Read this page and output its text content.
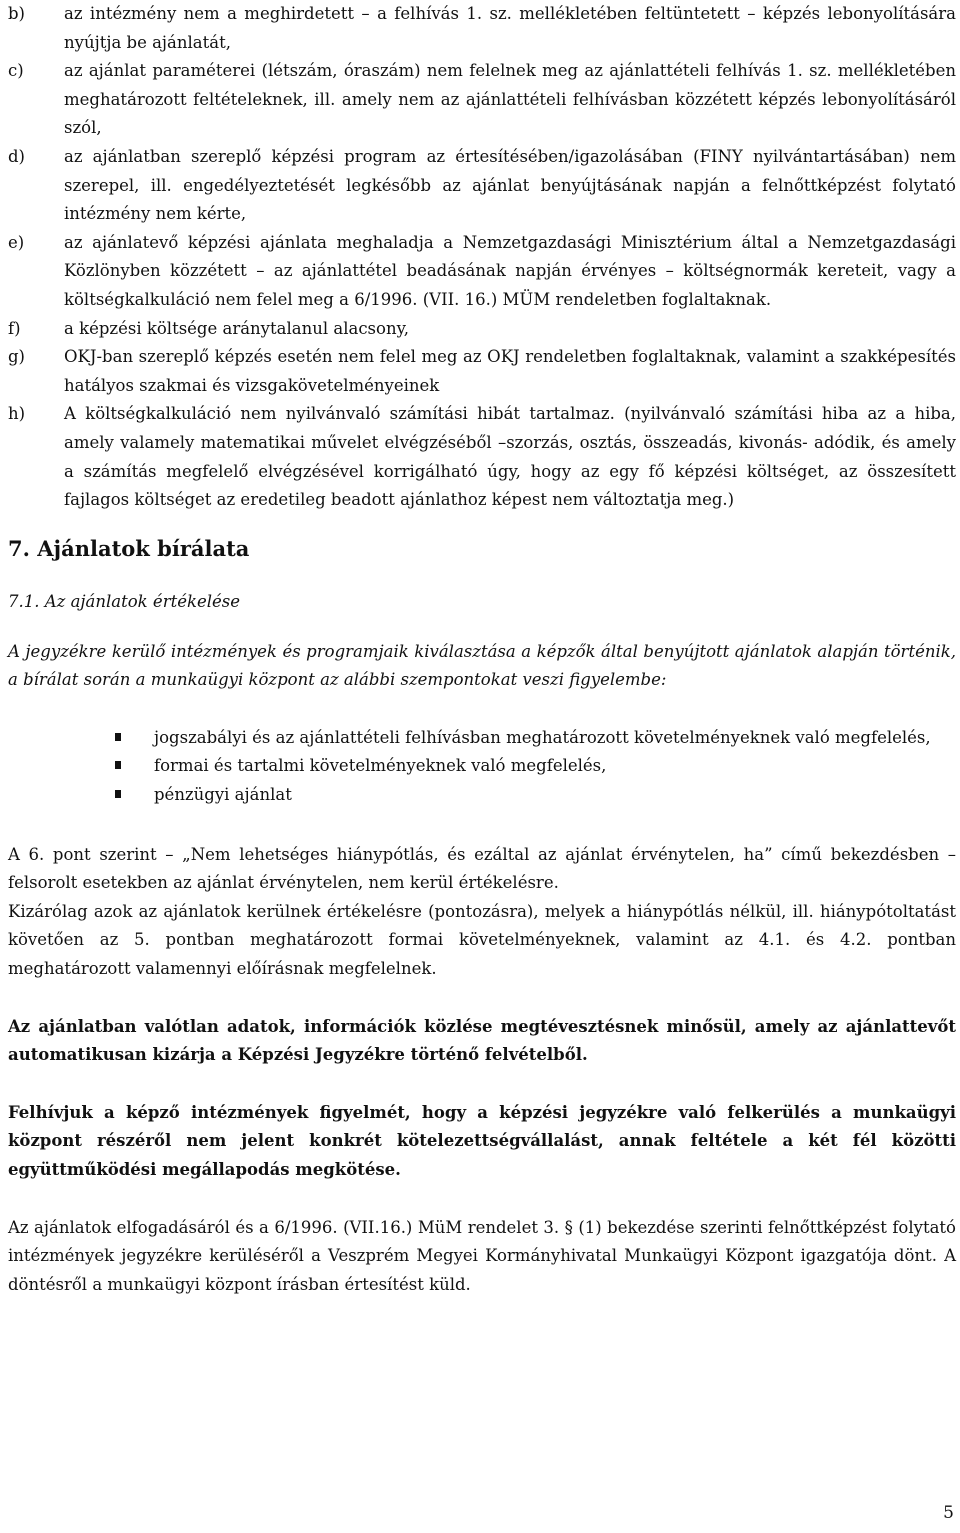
b)	az intézmény nem a meghirdetett – a felhívás 1. sz. mellékletében feltüntetett – képzés lebonyolítására nyújtja be ajánlatát,
c)	az ajánlat paraméterei (létszám, óraszám) nem felelnek meg az ajánlattételi felhívás 1. sz. mellékletében meghatározott feltételeknek, ill. amely nem az ajánlattételi felhívásban közzétett képzés lebonyolításáról szól,
d)	az ajánlatban szereplő képzési program az értesítésében/igazolásában (FINY nyilvántartásában) nem szerepel, ill. engedélyeztetését legkésőbb az ajánlat benyújtásának napján a felnőttképzést folytató intézmény nem kérte,
e)	az ajánlatevő képzési ajánlata meghaladja a Nemzetgazdasági Minisztérium által a Nemzetgazdasági Közlönyben közzétett – az ajánlattétel beadásának napján érvényes – költségnormák kereteit, vagy a költségkalkuláció nem felel meg a 6/1996. (VII. 16.) MÜM rendeletben foglaltaknak.
f)	a képzési költsége aránytalanul alacsony,
g)	OKJ-ban szereplő képzés esetén nem felel meg az OKJ rendeletben foglaltaknak, valamint a szakképesítés hatályos szakmai és vizsgakövetelményeinek
h)	A költségkalkuláció nem nyilvánvaló számítási hibát tartalmaz. (nyilvánvaló számítási hiba az a hiba, amely valamely matematikai művelet elvégzéséből –szorzás, osztás, összeadás, kivonás- adódik, és amely a számítás megfelelő elvégzésével korrigálható úgy, hogy az egy fő képzési költséget, az összesített fajlagos költséget az eredetileg beadott ajánlathoz képest nem változtatja meg.)
7. Ajánlatok bírálata
7.1. Az ajánlatok értékelése
A jegyzékre kerülő intézmények és programjaik kiválasztása a képzők által benyújtott ajánlatok alapján történik, a bírálat során a munkaügyi központ az alábbi szempontokat veszi figyelembe:
jogszabályi és az ajánlattételi felhívásban meghatározott követelményeknek való megfelelés,
formai és tartalmi követelményeknek való megfelelés,
pénzügyi ajánlat
A 6. pont szerint – „Nem lehetséges hiánypótlás, és ezáltal az ajánlat érvénytelen, ha” című bekezdésben – felsorolt esetekben az ajánlat érvénytelen, nem kerül értékelésre.
Kizárólag azok az ajánlatok kerülnek értékelésre (pontozásra), melyek a hiánypótlás nélkül, ill. hiánypótoltatást követően az 5. pontban meghatározott formai követelményeknek, valamint az 4.1. és 4.2. pontban meghatározott valamennyi előírásnak megfelelnek.
Az ajánlatban valótlan adatok, információk közlése megtévesztésnek minősül, amely az ajánlattevőt automatikusan kizárja a Képzési Jegyzékre történő felvételből.
Felhívjuk a képző intézmények figyelmét, hogy a képzési jegyzékre való felkerülés a munkaügyi központ részéről nem jelent konkrét kötelezettségvállalást, annak feltétele a két fél közötti együttműködési megállapodás megkötése.
Az ajánlatok elfogadásáról és a 6/1996. (VII.16.) MüM rendelet 3. § (1) bekezdése szerinti felnőttképzést folytató intézmények jegyzékre kerüléséről a Veszprém Megyei Kormányhivatal Munkaügyi Központ igazgatója dönt. A döntésről a munkaügyi központ írásban értesítést küld.
5
